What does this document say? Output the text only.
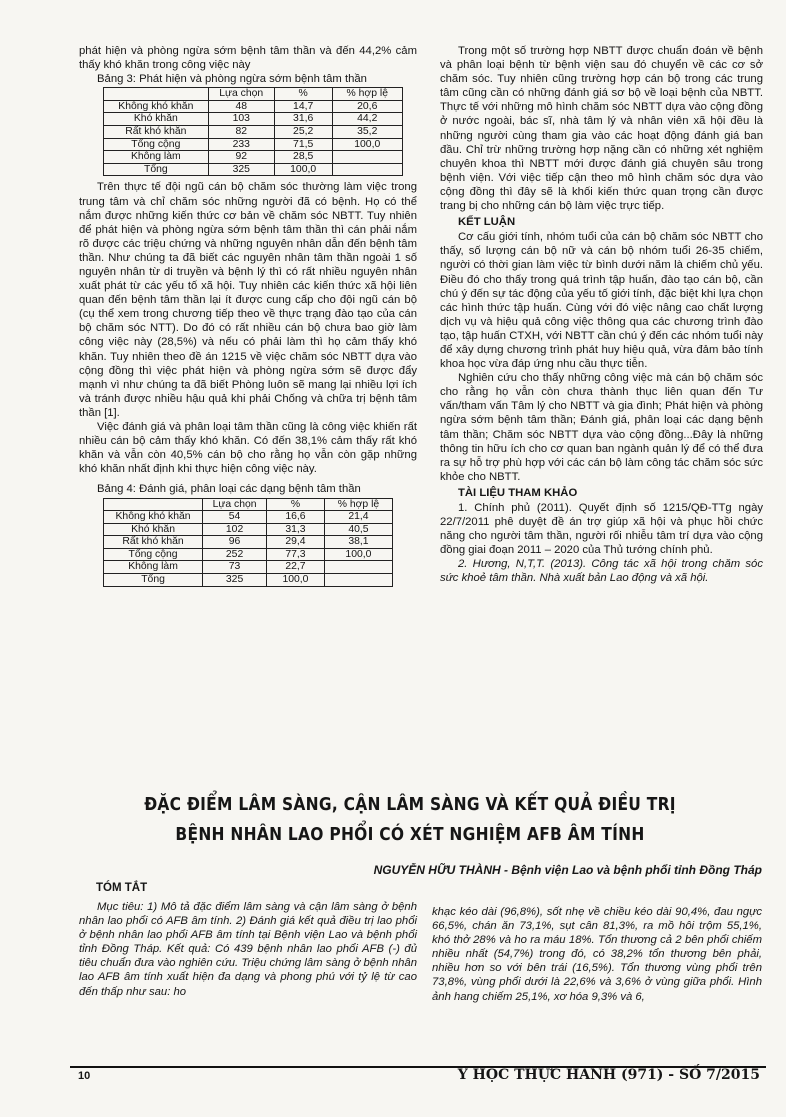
phát hiện và phòng ngừa sớm bệnh tâm thần và đến 44,2% cảm thấy khó khăn trong công việc này

Bảng 3: Phát hiện và phòng ngừa sớm bệnh tâm thần

	Lựa chọn	%	% hợp lệ
Không khó khăn	48	14,7	20,6
Khó khăn	103	31,6	44,2
Rất khó khăn	82	25,2	35,2
Tổng cộng	233	71,5	100,0
Không làm	92	28,5	
Tổng	325	100,0	

Trên thực tế đội ngũ cán bộ chăm sóc thường làm việc trong trung tâm và chỉ chăm sóc những người đã có bệnh. Họ có thể nắm được những kiến thức cơ bản về chăm sóc NBTT. Tuy nhiên để phát hiện và phòng ngừa sớm bệnh tâm thần thì cán phải nắm rõ được các triệu chứng và những nguyên nhân dẫn đến bệnh tâm thần. Như chúng ta đã biết các nguyên nhân tâm thần ngoài 1 số nguyên nhân từ di truyền và bệnh lý thì có rất nhiều nguyên nhân xuất phát từ các yếu tố xã hội. Tuy nhiên các kiến thức xã hội liên quan đến bệnh tâm thần lại ít được cung cấp cho đội ngũ cán bộ (cụ thể xem trong chương tiếp theo về thực trạng đào tạo của cán bộ chăm sóc NTT). Do đó có rất nhiều cán bộ chưa bao giờ làm công việc này (28,5%) và nếu có phải làm thì họ cảm thấy khó khăn. Tuy nhiên theo đề án 1215 về việc chăm sóc NBTT dựa vào cộng đồng thì việc phát hiện và phòng ngừa sớm sẽ được đẩy mạnh vì như chúng ta đã biết Phòng luôn sẽ mang lại nhiều lợi ích và tránh được nhiều hậu quả khi phải Chống và chữa trị bệnh tâm thần [1].

Việc đánh giá và phân loại tâm thần cũng là công việc khiến rất nhiều cán bộ cảm thấy khó khăn. Có đến 38,1% cảm thấy rất khó khăn và vẫn còn 40,5% cán bộ cho rằng họ vẫn còn gặp những khó khăn nhất định khi thực hiện công việc này.

Bảng 4: Đánh giá, phân loại các dạng bệnh tâm thần

	Lựa chọn	%	% hợp lệ
Không khó khăn	54	16,6	21,4
Khó khăn	102	31,3	40,5
Rất khó khăn	96	29,4	38,1
Tổng cộng	252	77,3	100,0
Không làm	73	22,7	
Tổng	325	100,0	

Trong một số trường hợp NBTT được chuẩn đoán về bệnh và phân loại bệnh từ bệnh viện sau đó chuyển về các cơ sở chăm sóc. Tuy nhiên cũng trường hợp cán bộ trong các trung tâm cũng cần có những đánh giá sơ bộ về loại bệnh của NBTT. Thực tế với những mô hình chăm sóc NBTT dựa vào cộng đồng ở nước ngoài, bác sĩ, nhà tâm lý và nhân viên xã hội đều là những người cùng tham gia vào các hoạt động đánh giá ban đầu. Chỉ trừ những trường hợp nặng cần có những xét nghiệm chuyên khoa thì NBTT mới được đánh giá chuyên sâu trong bệnh viện. Với việc tiếp cận theo mô hình chăm sóc dựa vào cộng đồng thì đây sẽ là khối kiến thức quan trọng cần được trang bị cho những cán bộ làm việc trực tiếp.

KẾT LUẬN

Cơ cấu giới tính, nhóm tuổi của cán bộ chăm sóc NBTT cho thấy, số lượng cán bộ nữ và cán bộ nhóm tuổi 26-35 chiếm, người có thời gian làm việc từ bình dưới năm là chiếm chủ yếu. Điều đó cho thấy trong quá trình tập huấn, đào tạo cán bộ, cần chú ý đến sự tác động của yếu tố giới tính, đặc biệt khi lựa chọn các hình thức tập huấn. Cùng với đó việc nâng cao chất lượng dịch vụ và hiệu quả công việc thông qua các chương trình đào tạo, tập huấn CTXH, với NBTT cần chú ý đến các nhóm tuổi này để xây dựng chương trình phát huy hiệu quả, vừa đảm bảo tính khoa học vừa đáp ứng nhu cầu thực tiễn.

Nghiên cứu cho thấy những công việc mà cán bộ chăm sóc cho rằng họ vẫn còn chưa thành thục liên quan đến Tư vấn/tham vấn Tâm lý cho NBTT và gia đình; Phát hiện và phòng ngừa sớm bệnh tâm thần; Đánh giá, phân loại các dạng bệnh tâm thần; Chăm sóc NBTT dựa vào cộng đồng...Đây là những thông tin hữu ích cho cơ quan ban ngành quản lý để có thể đưa ra sự hỗ trợ phù hợp với các cán bộ làm công tác chăm sóc sức khỏe cho NBTT.

TÀI LIỆU THAM KHẢO

1. Chính phủ (2011). Quyết định số 1215/QĐ-TTg ngày 22/7/2011 phê duyệt đề án trợ giúp xã hội và phục hồi chức năng cho người tâm thần, người rối nhiễu tâm trí dựa vào cộng đồng giai đoạn 2011 – 2020 của Thủ tướng chính phủ.

2. Hương, N,T,T. (2013). Công tác xã hội trong chăm sóc sức khoẻ tâm thần. Nhà xuất bản Lao động và xã hội.

ĐẶC ĐIỂM LÂM SÀNG, CẬN LÂM SÀNG VÀ KẾT QUẢ ĐIỀU TRỊ
BỆNH NHÂN LAO PHỔI CÓ XÉT NGHIỆM AFB ÂM TÍNH
NGUYỄN HỮU THÀNH - Bệnh viện Lao và bệnh phổi tỉnh Đồng Tháp
TÓM TẮT

Mục tiêu: 1) Mô tả đặc điểm lâm sàng và cận lâm sàng ở bệnh nhân lao phổi có AFB âm tính. 2) Đánh giá kết quả điều trị lao phổi ở bệnh nhân lao phổi AFB âm tính tại Bệnh viện Lao và bệnh phổi tỉnh Đồng Tháp. Kết quả: Có 439 bệnh nhân lao phổi AFB (-) đủ tiêu chuẩn đưa vào nghiên cứu. Triệu chứng lâm sàng ở bệnh nhân lao AFB âm tính xuất hiện đa dạng và phong phú với tỷ lệ từ cao đến thấp như sau: ho

khạc kéo dài (96,8%), sốt nhẹ về chiều kéo dài 90,4%, đau ngực 66,5%, chán ăn 73,1%, sụt cân 81,3%, ra mồ hôi trộm 55,1%, khó thở 28% và ho ra máu 18%. Tổn thương cả 2 bên phổi chiếm nhiều nhất (54,7%) trong đó, có 38,2% tổn thương bên phải, nhiều hơn so với bên trái (16,5%). Tổn thương vùng phổi trên 73,8%, vùng phổi dưới là 22,6% và 3,6% ở vùng giữa phổi. Hình ảnh hang chiếm 25,1%, xơ hóa 9,3% và 6,

10	Y HỌC THỰC HÀNH (971) - SỐ 7/2015
